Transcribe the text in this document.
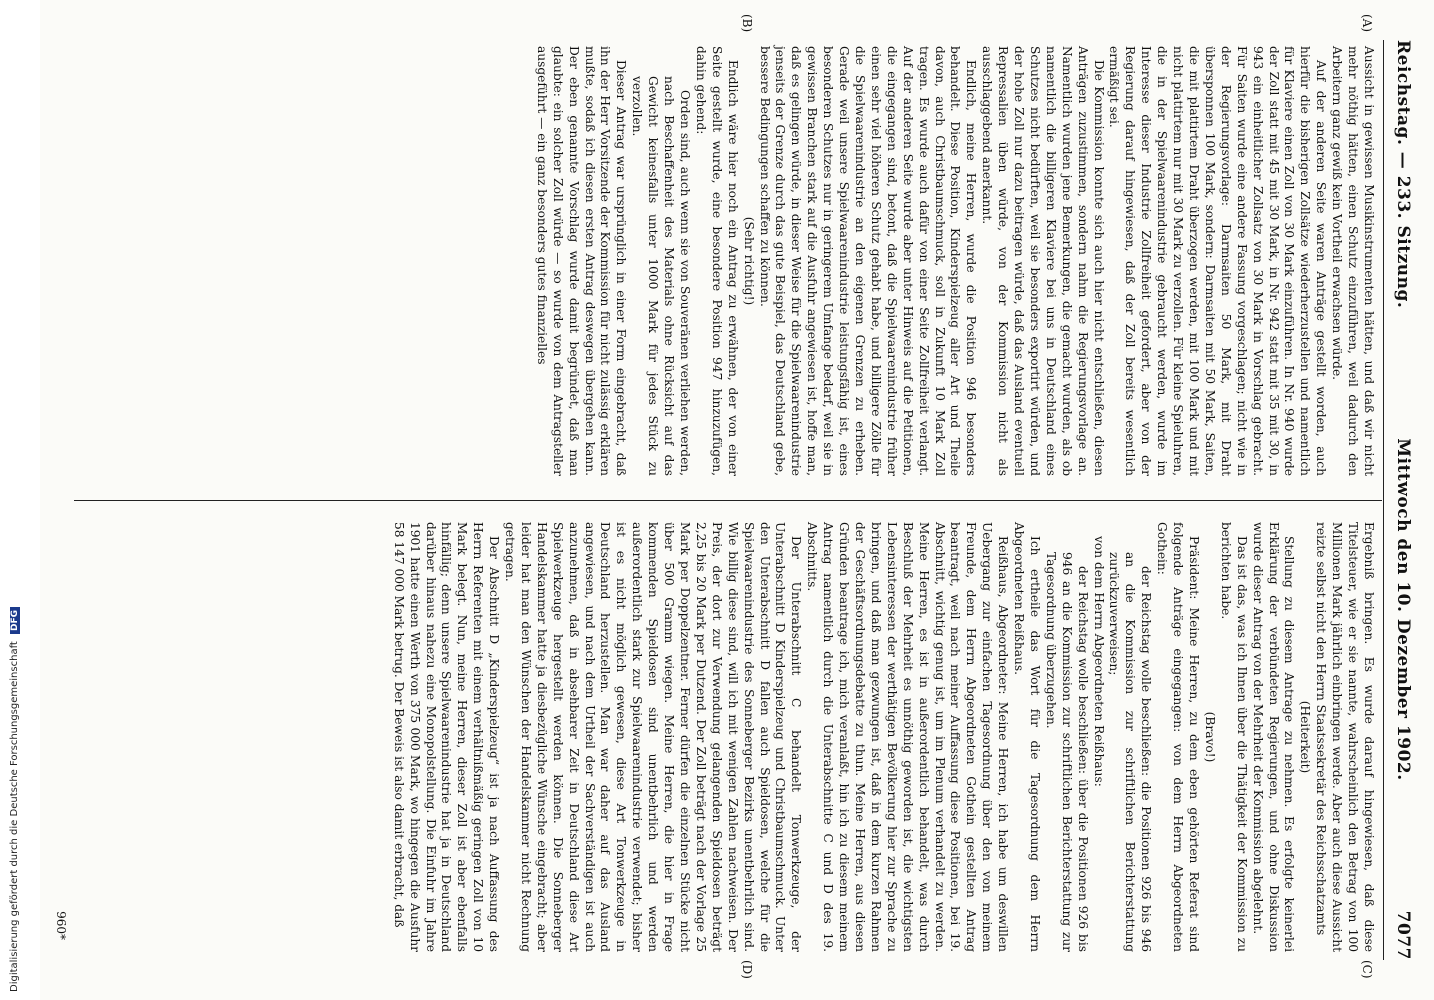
Reichstag. — 233. Sitzung.
Mittwoch den 10. Dezember 1902.
7077
(A)
(B)
(C)
(D)

Aussicht in gewissen Musikinstrumenten hätten, und daß wir nicht mehr nöthig hätten, einen Schutz einzuführen, weil dadurch den Arbeitern ganz gewiß kein Vortheil erwachsen würde.

Auf der anderen Seite waren Anträge gestellt worden, auch hierfür die bisherigen Zollsätze wiederherzustellen und namentlich für Klaviere einen Zoll von 30 Mark einzuführen. In Nr. 940 wurde der Zoll statt mit 45 mit 30 Mark, in Nr. 942 statt mit 35 mit 30, in 943 ein einheitlicher Zollsatz von 30 Mark in Vorschlag gebracht. Für Saiten wurde eine andere Fassung vorgeschlagen; nicht wie in der Regierungsvorlage: Darmsaiten 50 Mark, mit Draht übersponnen 100 Mark, sondern: Darmsaiten mit 50 Mark, Saiten, die mit plattirtem Draht überzogen werden, mit 100 Mark und mit nicht plattirtem nur mit 30 Mark zu verzollen. Für kleine Spieluhren, die in der Spielwaarenindustrie gebraucht werden, wurde im Interesse dieser Industrie Zollfreiheit gefordert, aber von der Regierung darauf hingewiesen, daß der Zoll bereits wesentlich ermäßigt sei.

Die Kommission konnte sich auch hier nicht entschließen, diesen Anträgen zuzustimmen, sondern nahm die Regierungsvorlage an. Namentlich wurden jene Bemerkungen, die gemacht wurden, als ob namentlich die billigeren Klaviere bei uns in Deutschland eines Schutzes nicht bedürften, weil sie besonders exportirt würden, und der hohe Zoll nur dazu beitragen würde, daß das Ausland eventuell Repressalien üben würde, von der Kommission nicht als ausschlaggebend anerkannt.

Endlich, meine Herren, wurde die Position 946 besonders behandelt. Diese Position, Kinderspielzeug aller Art und Theile davon, auch Christbaumschmuck, soll in Zukunft 10 Mark Zoll tragen. Es wurde auch dafür von einer Seite Zollfreiheit verlangt. Auf der anderen Seite wurde aber unter Hinweis auf die Petitionen, die eingegangen sind, betont, daß die Spielwaarenindustrie früher einen sehr viel höheren Schutz gehabt habe, und billigere Zölle für die Spielwaarenindustrie an den eigenen Grenzen zu erheben. Gerade weil unsere Spielwaarenindustrie leistungsfähig ist, eines besonderen Schutzes nur in geringerem Umfange bedarf, weil sie in gewissen Branchen stark auf die Ausfuhr angewiesen ist, hoffe man, daß es gelingen würde, in dieser Weise für die Spielwaarenindustrie jenseits der Grenze durch das gute Beispiel, das Deutschland gebe, bessere Bedingungen schaffen zu können.

(Sehr richtig!)

Endlich wäre hier noch ein Antrag zu erwähnen, der von einer Seite gestellt wurde, eine besondere Position 947 hinzuzufügen, dahin gehend:

Orden sind, auch wenn sie von Souveränen verliehen werden, nach Beschaffenheit des Materials ohne Rücksicht auf das Gewicht keinesfalls unter 1000 Mark für jedes Stück zu verzollen.

Dieser Antrag war ursprünglich in einer Form eingebracht, daß ihn der Herr Vorsitzende der Kommission für nicht zulässig erklären mußte, sodaß ich diesen ersten Antrag deswegen übergehen kann. Der eben genannte Vorschlag wurde damit begründet, daß man glaubte: ein solcher Zoll würde — so wurde von dem Antragsteller ausgeführt — ein ganz besonders gutes finanzielles

Ergebniß bringen. Es wurde darauf hingewiesen, daß diese Titelsteuer, wie er sie nannte, wahrscheinlich den Betrag von 100 Millionen Mark jährlich einbringen werde. Aber auch diese Aussicht reizte selbst nicht den Herrn Staatssekretär des Reichsschatzamts

(Heiterkeit)

Stellung zu diesem Antrage zu nehmen. Es erfolgte keinerlei Erklärung der verbündeten Regierungen, und ohne Diskussion wurde dieser Antrag von der Mehrheit der Kommission abgelehnt.

Das ist das, was ich Ihnen über die Thätigkeit der Kommission zu berichten habe.

(Bravo!)

Präsident: Meine Herren, zu dem eben gehörten Referat sind folgende Anträge eingegangen: von dem Herrn Abgeordneten Gothein:

der Reichstag wolle beschließen: die Positionen 926 bis 946 an die Kommission zur schriftlichen Berichterstattung zurückzuverweisen;

von dem Herrn Abgeordneten Reißhaus:

der Reichstag wolle beschließen: über die Positionen 926 bis 946 an die Kommission zur schriftlichen Berichterstattung zur Tagesordnung überzugehen.

Ich ertheile das Wort für die Tagesordnung dem Herrn Abgeordneten Reißhaus.

Reißhaus, Abgeordneter: Meine Herren, ich habe um deswillen Uebergang zur einfachen Tagesordnung über den von meinem Freunde, dem Herrn Abgeordneten Gothein gestellten Antrag beantragt, weil nach meiner Auffassung diese Positionen, bei 19. Abschnitt, wichtig genug ist, um im Plenum verhandelt zu werden. Meine Herren, es ist in außerordentlich behandelt, was durch Beschluß der Mehrheit es unnöthig geworden ist, die wichtigsten Lebensinteressen der werthätigen Bevölkerung hier zur Sprache zu bringen, und daß man gezwungen ist, daß in dem kurzen Rahmen der Geschäftsordnungsdebatte zu thun. Meine Herren, aus diesen Gründen beantrage ich, mich veranlaßt, hin ich zu diesem meinem Antrag namentlich durch die Unterabschnitte C und D des 19. Abschnitts.

Der Unterabschnitt C behandelt Tonwerkzeuge, der Unterabschnitt D Kinderspielzeug und Christbaumschmuck. Unter den Unterabschnitt D fallen auch Spieldosen, welche für die Spielwaarenindustrie des Sonneberger Bezirks unentbehrlich sind. Wie billig diese sind, will ich mit wenigen Zahlen nachweisen. Der Preis, der dort zur Verwendung gelangenden Spieldosen beträgt 2,25 bis 20 Mark per Dutzend. Der Zoll beträgt nach der Vorlage 25 Mark per Doppelzentner. Ferner dürfen die einzelnen Stücke nicht über 500 Gramm wiegen. Meine Herren, die hier in Frage kommenden Spieldosen sind unentbehrlich und werden außerordentlich stark zur Spielwaarenindustrie verwendet; bisher ist es nicht möglich gewesen, diese Art Tonwerkzeuge in Deutschland herzustellen. Man war daher auf das Ausland angewiesen, und nach dem Urtheil der Sachverständigen ist auch anzunehmen, daß in absehbarer Zeit in Deutschland diese Art Spielwerkzeuge hergestellt werden können. Die Sonneberger Handelskammer hatte ja diesbezügliche Wünsche eingebracht; aber leider hat man den Wünschen der Handelskammer nicht Rechnung getragen.

Der Abschnitt D „Kinderspielzeug“ ist ja nach Auffassung des Herrn Referenten mit einem verhältnißmäßig geringen Zoll von 10 Mark belegt. Nun, meine Herren, dieser Zoll ist aber ebenfalls hinfällig; denn unsere Spielwaarenindustrie hat ja in Deutschland darüber hinaus nahezu eine Monopolstellung. Die Einfuhr im Jahre 1901 hatte einen Werth von 375 000 Mark, wo hingegen die Ausfuhr 58 147 000 Mark betrug. Der Beweis ist also damit erbracht, daß

960*
Digitalisierung gefördert durch die Deutsche Forschungsgemeinschaft DFG
